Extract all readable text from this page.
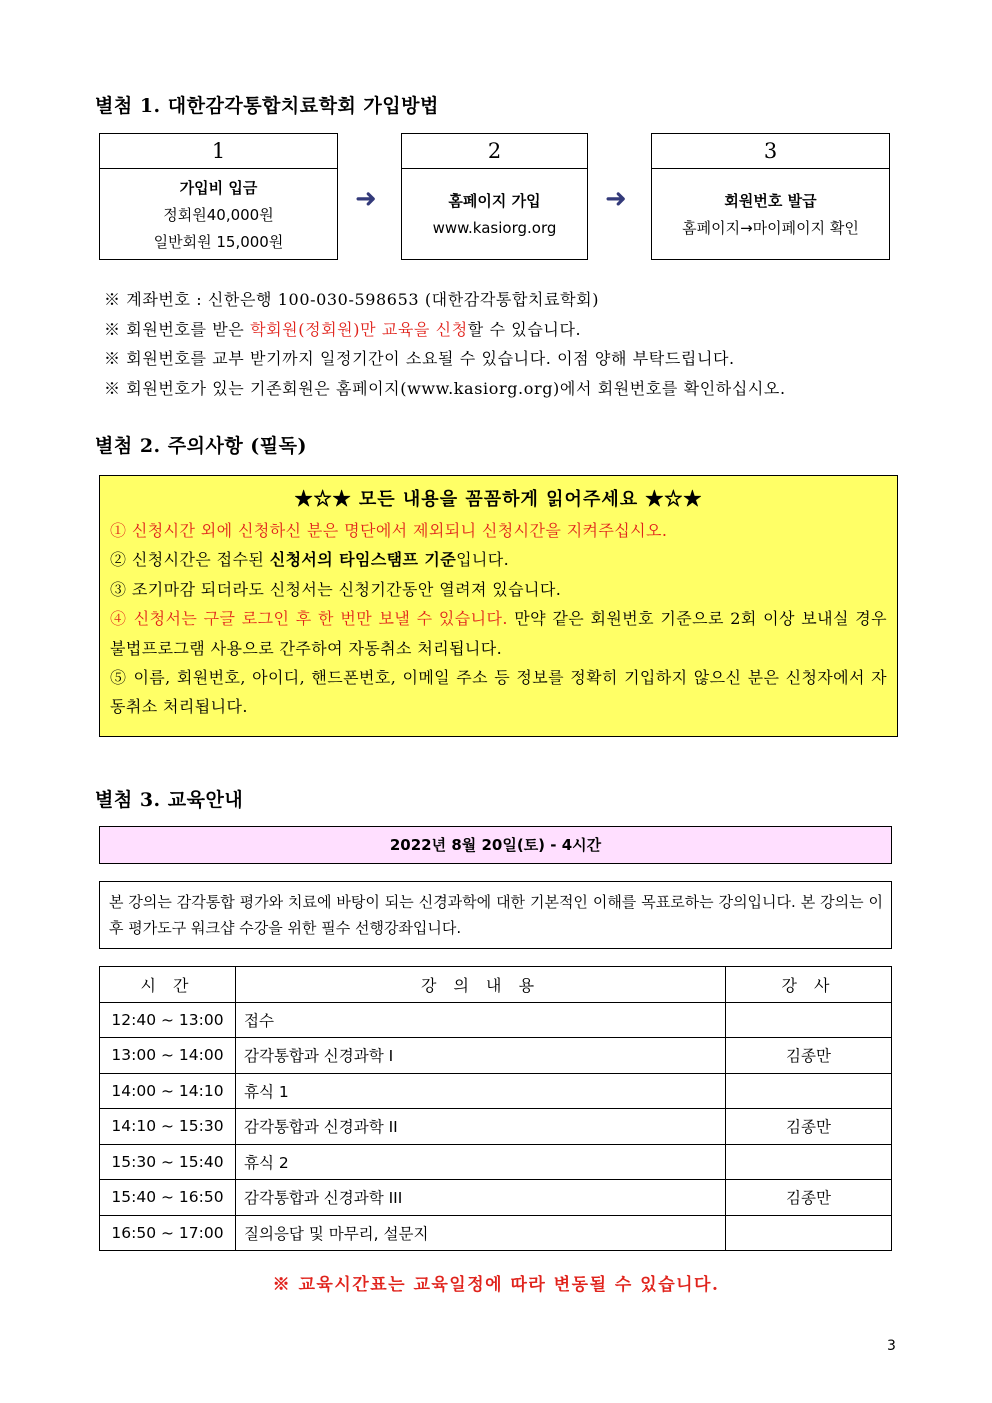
별첨 1. 대한감각통합치료학회 가입방법
1
가입비 입금
정회원40,000원
일반회원 15,000원
➜
2
홈페이지 가입
www.kasiorg.org
➜
3
회원번호 발급
홈페이지→마이페이지 확인
※ 계좌번호 : 신한은행 100-030-598653 (대한감각통합치료학회)
※ 회원번호를 받은 학회원(정회원)만 교육을 신청할 수 있습니다.
※ 회원번호를 교부 받기까지 일정기간이 소요될 수 있습니다. 이점 양해 부탁드립니다.
※ 회원번호가 있는 기존회원은 홈페이지(www.kasiorg.org)에서 회원번호를 확인하십시오.
별첨 2. 주의사항 (필독)
★☆★ 모든 내용을 꼼꼼하게 읽어주세요 ★☆★
① 신청시간 외에 신청하신 분은 명단에서 제외되니 신청시간을 지켜주십시오.
② 신청시간은 접수된 신청서의 타임스탬프 기준입니다.
③ 조기마감 되더라도 신청서는 신청기간동안 열려져 있습니다.
④ 신청서는 구글 로그인 후 한 번만 보낼 수 있습니다. 만약 같은 회원번호 기준으로 2회 이상 보내실 경우 불법프로그램 사용으로 간주하여 자동취소 처리됩니다.
⑤ 이름, 회원번호, 아이디, 핸드폰번호, 이메일 주소 등 정보를 정확히 기입하지 않으신 분은 신청자에서 자동취소 처리됩니다.
별첨 3. 교육안내
2022년 8월 20일(토) - 4시간
본 강의는 감각통합 평가와 치료에 바탕이 되는 신경과학에 대한 기본적인 이해를 목표로하는 강의입니다. 본 강의는 이후 평가도구 워크샵 수강을 위한 필수 선행강좌입니다.
시 간	강 의 내 용	강 사
12:40 ~ 13:00	접수	
13:00 ~ 14:00	감각통합과 신경과학 I	김종만
14:00 ~ 14:10	휴식 1	
14:10 ~ 15:30	감각통합과 신경과학 II	김종만
15:30 ~ 15:40	휴식 2	
15:40 ~ 16:50	감각통합과 신경과학 III	김종만
16:50 ~ 17:00	질의응답 및 마무리, 설문지	
※ 교육시간표는 교육일정에 따라 변동될 수 있습니다.
3
